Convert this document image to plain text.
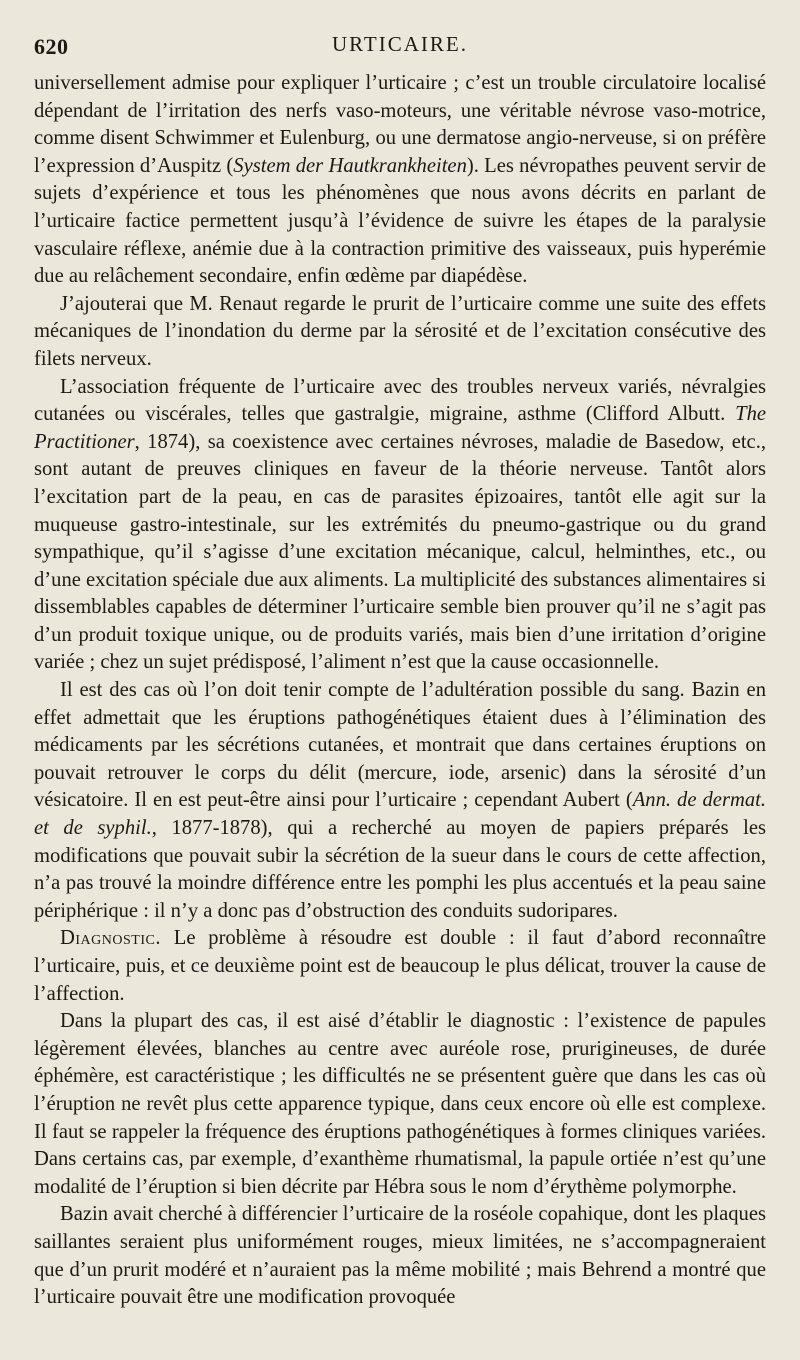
620	URTICAIRE.

universellement admise pour expliquer l’urticaire ; c’est un trouble circulatoire localisé dépendant de l’irritation des nerfs vaso-moteurs, une véritable névrose vaso-motrice, comme disent Schwimmer et Eulenburg, ou une dermatose angio-nerveuse, si on préfère l’expression d’Auspitz (System der Hautkrankheiten). Les névropathes peuvent servir de sujets d’expérience et tous les phénomènes que nous avons décrits en parlant de l’urticaire factice permettent jusqu’à l’évidence de suivre les étapes de la paralysie vasculaire réflexe, anémie due à la contraction primitive des vaisseaux, puis hyperémie due au relâchement secondaire, enfin œdème par diapédèse.

J’ajouterai que M. Renaut regarde le prurit de l’urticaire comme une suite des effets mécaniques de l’inondation du derme par la sérosité et de l’excitation consécutive des filets nerveux.

L’association fréquente de l’urticaire avec des troubles nerveux variés, névralgies cutanées ou viscérales, telles que gastralgie, migraine, asthme (Clifford Albutt. The Practitioner, 1874), sa coexistence avec certaines névroses, maladie de Basedow, etc., sont autant de preuves cliniques en faveur de la théorie nerveuse. Tantôt alors l’excitation part de la peau, en cas de parasites épizoaires, tantôt elle agit sur la muqueuse gastro-intestinale, sur les extrémités du pneumo-gastrique ou du grand sympathique, qu’il s’agisse d’une excitation mécanique, calcul, helminthes, etc., ou d’une excitation spéciale due aux aliments. La multiplicité des substances alimentaires si dissemblables capables de déterminer l’urticaire semble bien prouver qu’il ne s’agit pas d’un produit toxique unique, ou de produits variés, mais bien d’une irritation d’origine variée ; chez un sujet prédisposé, l’aliment n’est que la cause occasionnelle.

Il est des cas où l’on doit tenir compte de l’adultération possible du sang. Bazin en effet admettait que les éruptions pathogénétiques étaient dues à l’élimination des médicaments par les sécrétions cutanées, et montrait que dans certaines éruptions on pouvait retrouver le corps du délit (mercure, iode, arsenic) dans la sérosité d’un vésicatoire. Il en est peut-être ainsi pour l’urticaire ; cependant Aubert (Ann. de dermat. et de syphil., 1877-1878), qui a recherché au moyen de papiers préparés les modifications que pouvait subir la sécrétion de la sueur dans le cours de cette affection, n’a pas trouvé la moindre différence entre les pomphi les plus accentués et la peau saine périphérique : il n’y a donc pas d’obstruction des conduits sudoripares.

Diagnostic. Le problème à résoudre est double : il faut d’abord reconnaître l’urticaire, puis, et ce deuxième point est de beaucoup le plus délicat, trouver la cause de l’affection.

Dans la plupart des cas, il est aisé d’établir le diagnostic : l’existence de papules légèrement élevées, blanches au centre avec auréole rose, prurigineuses, de durée éphémère, est caractéristique ; les difficultés ne se présentent guère que dans les cas où l’éruption ne revêt plus cette apparence typique, dans ceux encore où elle est complexe. Il faut se rappeler la fréquence des éruptions pathogénétiques à formes cliniques variées. Dans certains cas, par exemple, d’exanthème rhumatismal, la papule ortiée n’est qu’une modalité de l’éruption si bien décrite par Hébra sous le nom d’érythème polymorphe.

Bazin avait cherché à différencier l’urticaire de la roséole copahique, dont les plaques saillantes seraient plus uniformément rouges, mieux limitées, ne s’accompagneraient que d’un prurit modéré et n’auraient pas la même mobilité ; mais Behrend a montré que l’urticaire pouvait être une modification provoquée
